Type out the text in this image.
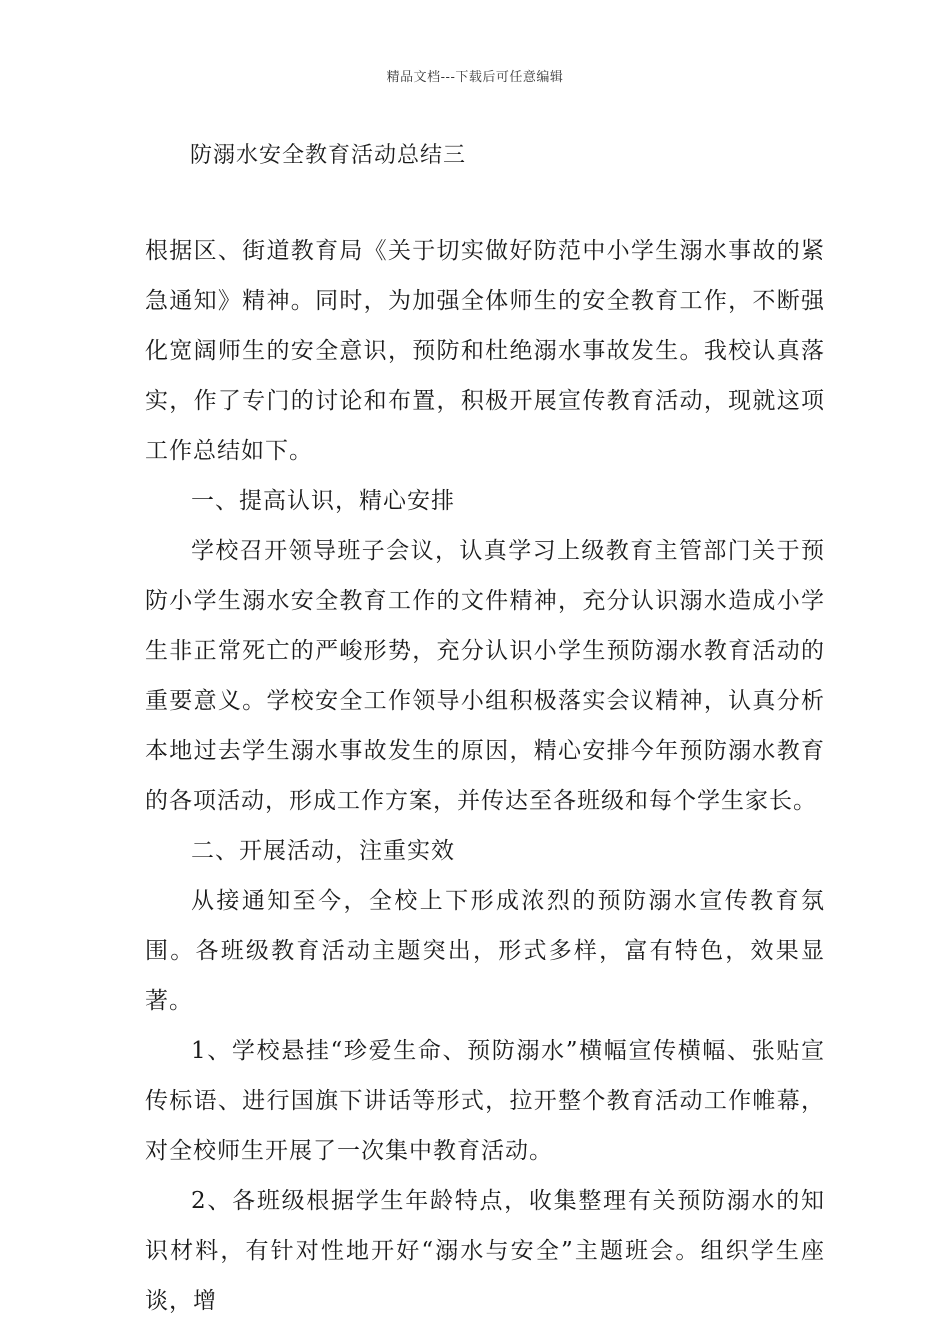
精品文档---下载后可任意编辑
防溺水安全教育活动总结三

根据区、街道教育局《关于切实做好防范中小学生溺水事故的紧急通知》精神。同时，为加强全体师生的安全教育工作，不断强化宽阔师生的安全意识，预防和杜绝溺水事故发生。我校认真落实，作了专门的讨论和布置，积极开展宣传教育活动，现就这项工作总结如下。

一、提高认识，精心安排

学校召开领导班子会议，认真学习上级教育主管部门关于预防小学生溺水安全教育工作的文件精神，充分认识溺水造成小学生非正常死亡的严峻形势，充分认识小学生预防溺水教育活动的重要意义。学校安全工作领导小组积极落实会议精神，认真分析本地过去学生溺水事故发生的原因，精心安排今年预防溺水教育的各项活动，形成工作方案，并传达至各班级和每个学生家长。

二、开展活动，注重实效

从接通知至今，全校上下形成浓烈的预防溺水宣传教育氛围。各班级教育活动主题突出，形式多样，富有特色，效果显著。

1、学校悬挂“珍爱生命、预防溺水”横幅宣传横幅、张贴宣传标语、进行国旗下讲话等形式，拉开整个教育活动工作帷幕，对全校师生开展了一次集中教育活动。

2、各班级根据学生年龄特点，收集整理有关预防溺水的知识材料，有针对性地开好“溺水与安全”主题班会。组织学生座谈，增
